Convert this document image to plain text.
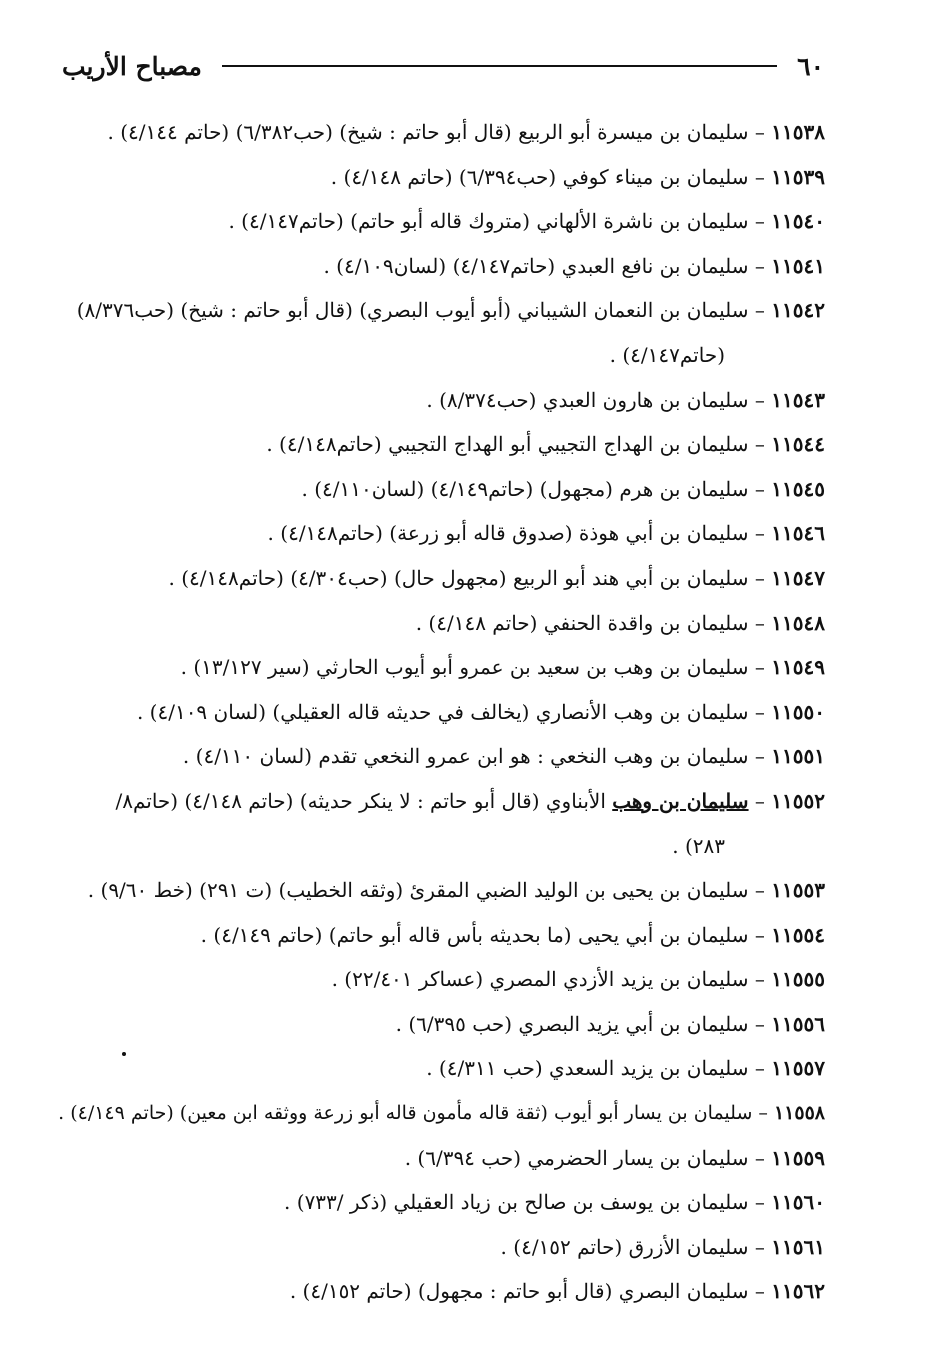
٦٠
مصباح الأريب
١١٥٣٨ – سليمان بن ميسرة أبو الربيع (قال أبو حاتم : شيخ) (حب٦/٣٨٢) (حاتم ٤/١٤٤) .
١١٥٣٩ – سليمان بن ميناء كوفي (حب٦/٣٩٤) (حاتم ٤/١٤٨) .
١١٥٤٠ – سليمان بن ناشرة الألهاني (متروك قاله أبو حاتم) (حاتم٤/١٤٧) .
١١٥٤١ – سليمان بن نافع العبدي (حاتم٤/١٤٧) (لسان٤/١٠٩) .
١١٥٤٢ – سليمان بن النعمان الشيباني (أبو أيوب البصري) (قال أبو حاتم : شيخ) (حب٨/٣٧٦)
(حاتم٤/١٤٧) .
١١٥٤٣ – سليمان بن هارون العبدي (حب٨/٣٧٤) .
١١٥٤٤ – سليمان بن الهداج التجيبي أبو الهداج التجيبي (حاتم٤/١٤٨) .
١١٥٤٥ – سليمان بن هرم (مجهول) (حاتم٤/١٤٩) (لسان٤/١١٠) .
١١٥٤٦ – سليمان بن أبي هوذة (صدوق قاله أبو زرعة) (حاتم٤/١٤٨) .
١١٥٤٧ – سليمان بن أبي هند أبو الربيع (مجهول حال) (حب٤/٣٠٤) (حاتم٤/١٤٨) .
١١٥٤٨ – سليمان بن واقدة الحنفي (حاتم ٤/١٤٨) .
١١٥٤٩ – سليمان بن وهب بن سعيد بن عمرو أبو أيوب الحارثي (سير ١٣/١٢٧) .
١١٥٥٠ – سليمان بن وهب الأنصاري (يخالف في حديثه قاله العقيلي) (لسان ٤/١٠٩) .
١١٥٥١ – سليمان بن وهب النخعي : هو ابن عمرو النخعي تقدم (لسان ٤/١١٠) .
١١٥٥٢ – سليمان بن وهب الأبناوي (قال أبو حاتم : لا ينكر حديثه) (حاتم ٤/١٤٨) (حاتم٨/
٢٨٣) .
١١٥٥٣ – سليمان بن يحيى بن الوليد الضبي المقرئ (وثقه الخطيب) (ت ٢٩١) (خط ٩/٦٠) .
١١٥٥٤ – سليمان بن أبي يحيى (ما بحديثه بأس قاله أبو حاتم) (حاتم ٤/١٤٩) .
١١٥٥٥ – سليمان بن يزيد الأزدي المصري (عساكر ٢٢/٤٠١) .
١١٥٥٦ – سليمان بن أبي يزيد البصري (حب ٦/٣٩٥) .
١١٥٥٧ – سليمان بن يزيد السعدي (حب ٤/٣١١) .
١١٥٥٨ – سليمان بن يسار أبو أيوب (ثقة قاله مأمون قاله أبو زرعة ووثقه ابن معين) (حاتم ٤/١٤٩) .
١١٥٥٩ – سليمان بن يسار الحضرمي (حب ٦/٣٩٤) .
١١٥٦٠ – سليمان بن يوسف بن صالح بن زياد العقيلي (ذكر /٧٣٣) .
١١٥٦١ – سليمان الأزرق (حاتم ٤/١٥٢) .
١١٥٦٢ – سليمان البصري (قال أبو حاتم : مجهول) (حاتم ٤/١٥٢) .
